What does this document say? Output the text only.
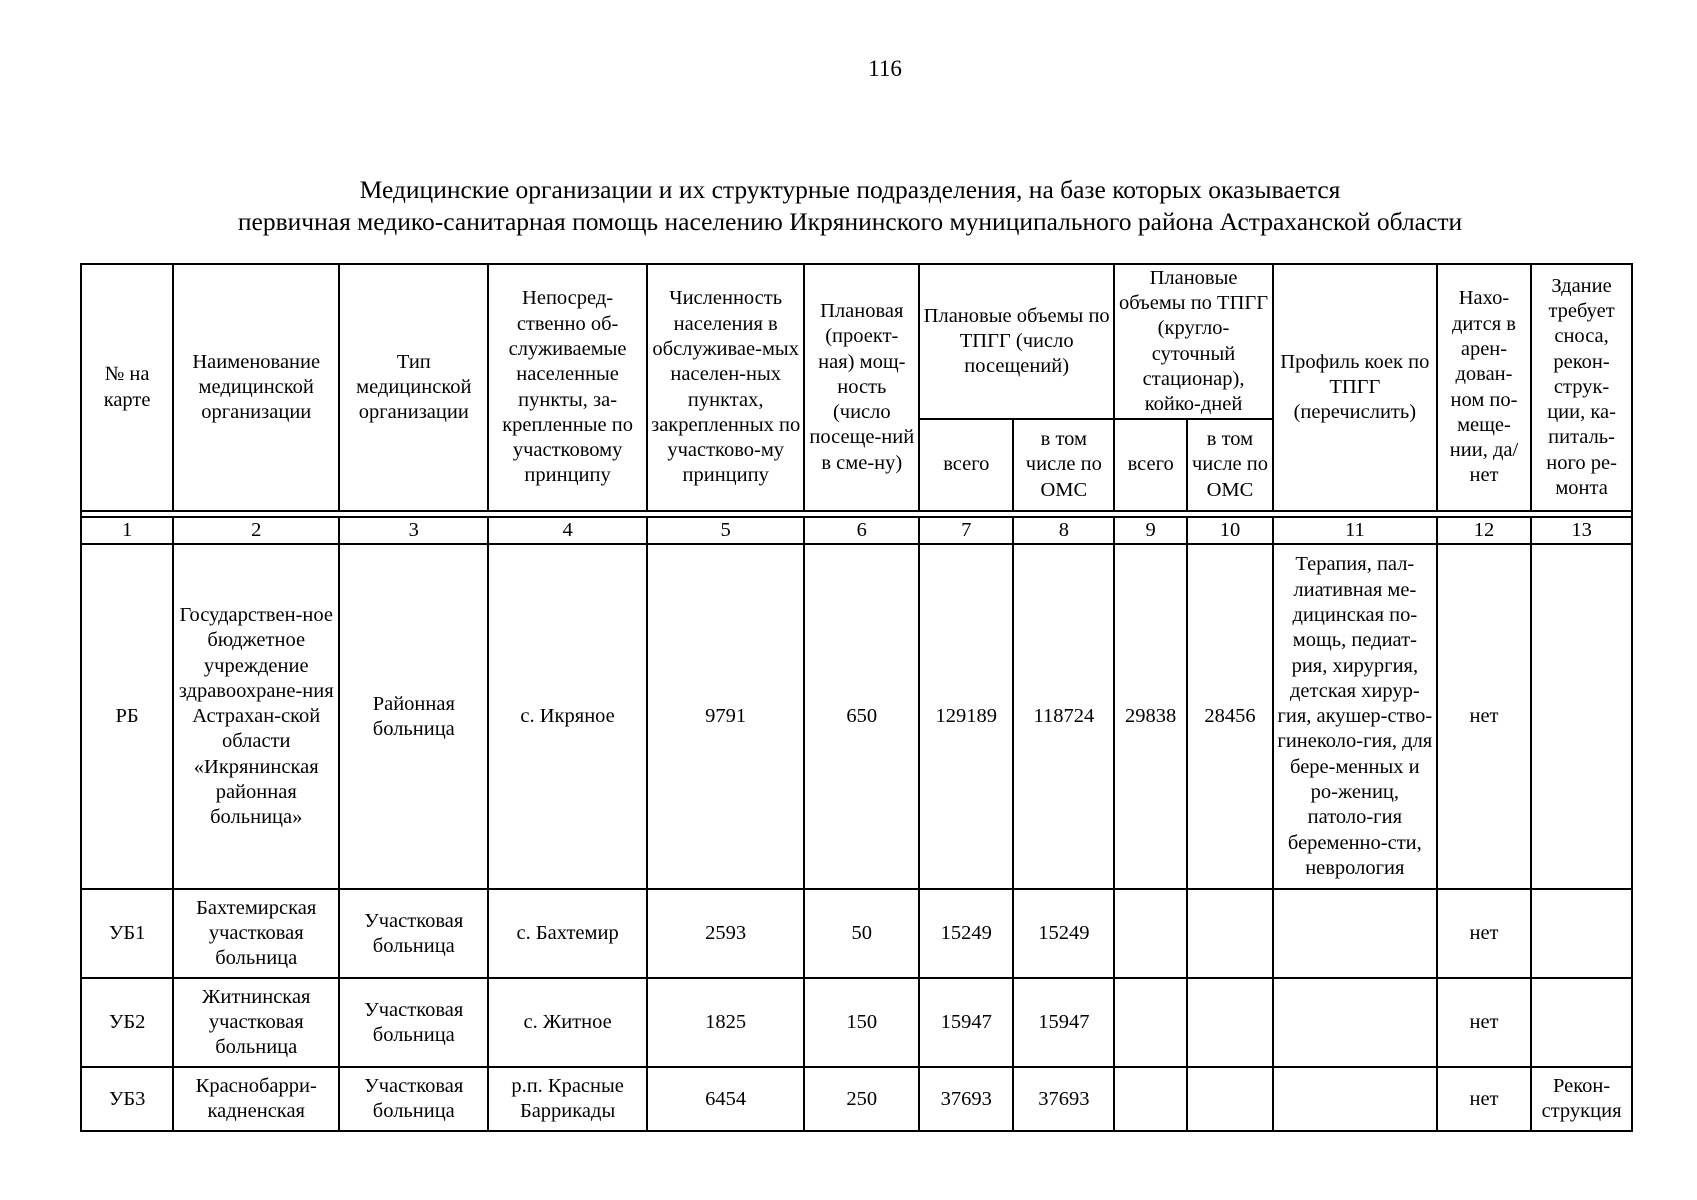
116
Медицинские организации и их структурные подразделения, на базе которых оказывается
первичная медико-санитарная помощь населению Икрянинского муниципального района Астраханской области
№ на карте	Наименование медицинской организации	Тип медицинской организации	Непосред-ственно об-служиваемые населенные пункты, за-крепленные по участковому принципу	Численность населения в обслуживае-мых населен-ных пунктах, закрепленных по участково-му принципу	Плановая (проект-ная) мощ-ность (число посеще-ний в сме-ну)	Плановые объемы по ТПГГ (число посещений)		Плановые объемы по ТПГГ (кругло-суточный стационар), койко-дней		Профиль коек по ТПГГ (перечислить)	Нахо-дится в арен-дован-ном по-мещe-нии, да/нет	Здание требует сноса, рекон-струк-ции, ка-питаль-ного ре-монта
						всего	в том числе по ОМС	всего	в том числе по ОМС			

1	2	3	4	5	6	7	8	9	10	11	12	13
РБ	Государствен-ное бюджетное учреждение здравоохране-ния Астрахан-ской области «Икрянинская районная больница»	Районная больница	с. Икряное	9791	650	129189	118724	29838	28456	Терапия, пал-лиативная ме-дицинская по-мощь, педиат-рия, хирургия, детская хирур-гия, акушер-ство-гинеколо-гия, для бере-менных и ро-жениц, патоло-гия беременно-сти, неврология	нет	
УБ1	Бахтемирская участковая больница	Участковая больница	с. Бахтемир	2593	50	15249	15249				нет	
УБ2	Житнинская участковая больница	Участковая больница	с. Житное	1825	150	15947	15947				нет	
УБ3	Краснобарри-кадненская	Участковая больница	р.п. Красные Баррикады	6454	250	37693	37693				нет	Рекон-струкция
